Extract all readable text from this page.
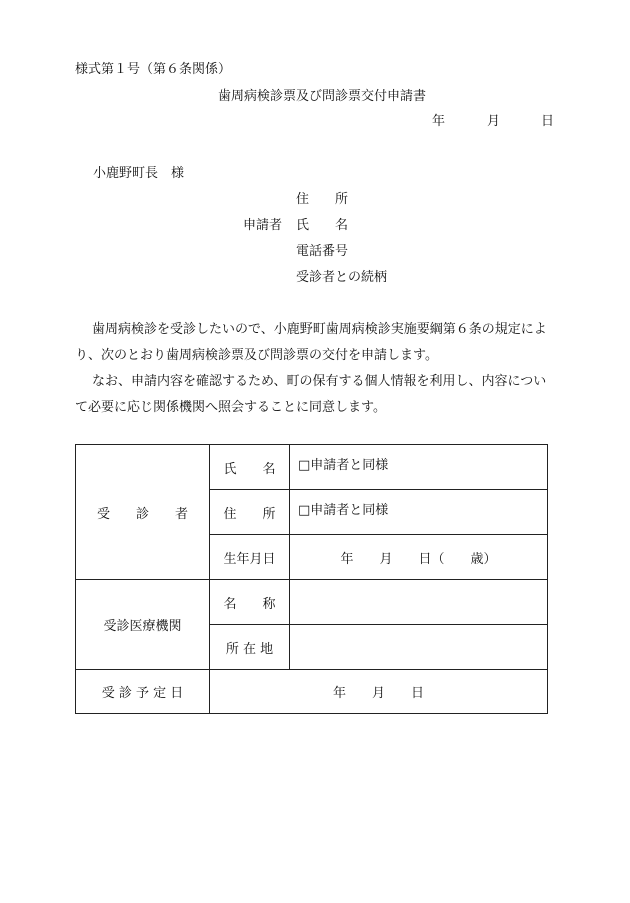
様式第１号（第６条関係）
歯周病検診票及び問診票交付申請書
年	月	日
小鹿野町長　様
住　　所
申請者 氏　　名
電話番号
受診者との続柄
歯周病検診を受診したいので、小鹿野町歯周病検診実施要綱第６条の規定によ
り、次のとおり歯周病検診票及び問診票の交付を申請します。
なお、申請内容を確認するため、町の保有する個人情報を利用し、内容につい
て必要に応じ関係機関へ照会することに同意します。
受　　診　　者	氏　　名	□申請者と同様

	住　　所	□申請者と同様

	生年月日	年　　月　　日（　　歳）
受診医療機関	名　　称	
	所 在 地	
受 診 予 定 日	年　　月　　日	
